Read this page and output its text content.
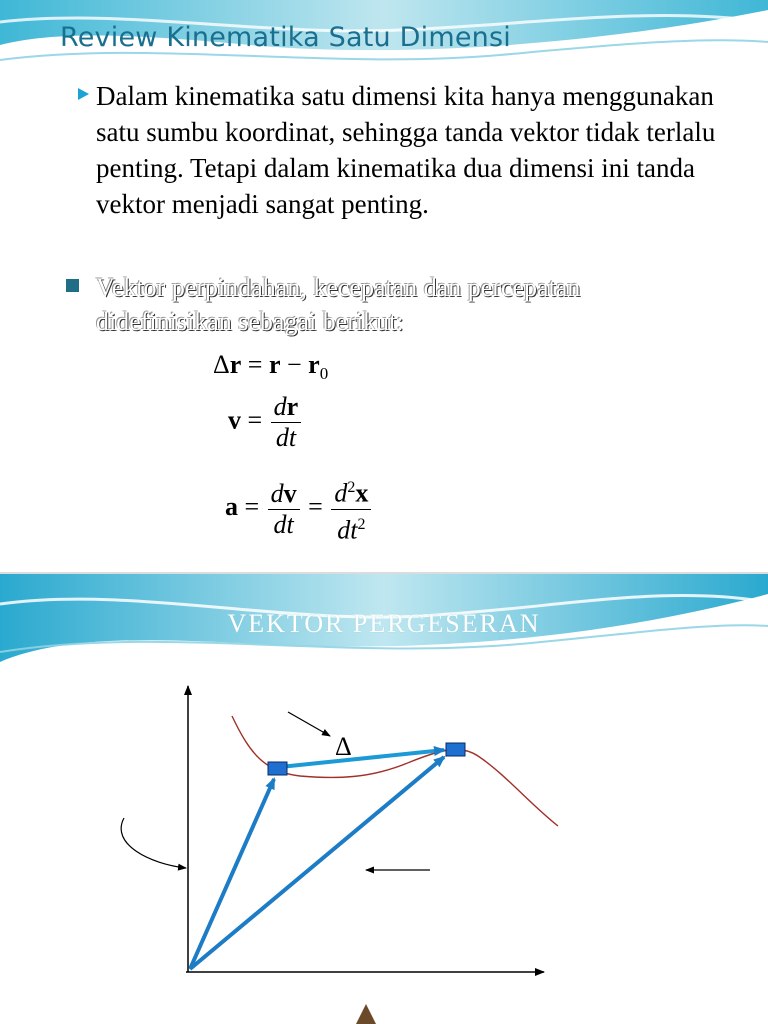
Review Kinematika Satu Dimensi
Dalam kinematika satu dimensi kita hanya menggunakan satu sumbu koordinat, sehingga tanda vektor tidak terlalu penting. Tetapi dalam kinematika dua dimensi ini tanda vektor menjadi sangat penting.
Vektor perpindahan, kecepatan dan percepatan didefinisikan sebagai berikut:
$\Delta r = r - r_0$
$v = \frac{dr}{dt}$
$a = \frac{dv}{dt} = \frac{d^2x}{dt^2}$
VEKTOR PERGESERAN
Δ
